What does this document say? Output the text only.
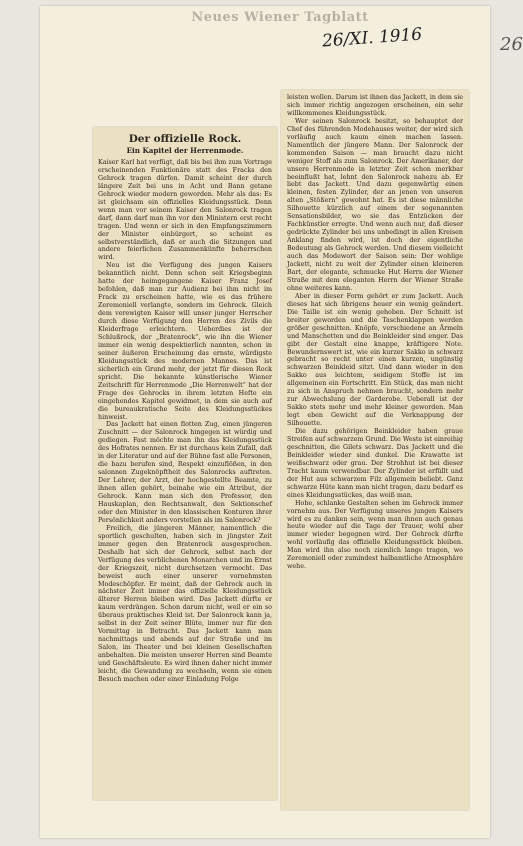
Neues Wiener Tagblatt
26/XI. 1916	26
Der offizielle Rock.
Ein Kapitel der Herrenmode.

Kaiser Karl hat verfügt, daß bis bei ihm zum Vortrage erscheinenden Funktionäre statt des Fracks den Gehrock tragen dürfen. Damit scheint der durch längere Zeit bei uns in Acht und Bann getane Gehrock wieder modern geworden. Mehr als das: Es ist gleichsam ein offizielles Kleidungsstück. Denn wenn man vor seinem Kaiser den Salonrock tragen darf, dann darf man ihn vor den Ministern erst recht tragen. Und wenn er sich in den Empfangszimmern der Minister einbürgert, so scheint es selbstverständlich, daß er auch die Sitzungen und andere feierlichen Zusammenkünfte beherrschen wird.

Neu ist die Verfügung des jungen Kaisers bekanntlich nicht. Denn schon seit Kriegsbeginn hatte der heimgegangene Kaiser Franz Josef befohlen, daß man zur Audienz bei ihm nicht im Frack zu erscheinen hatte, wie es das frühere Zeremoniell verlangte, sondern im Gehrock. Gleich dem verewigten Kaiser will unser junger Herrscher durch diese Verfügung den Herren des Zivils die Kleiderfrage erleichtern. Ueberdies ist der Schlußrock, der „Bratenrock“, wie ihn die Wiener immer ein wenig despektierlich nannten, schon in seiner äußeren Erscheinung das ernste, würdigste Kleidungsstück des modernen Mannes. Das ist sicherlich ein Grund mehr, der jetzt für diesen Rock spricht. Die bekannte künstlerische Wiener Zeitschrift für Herrenmode „Die Herrenwelt“ hat der Frage des Gehrocks in ihrem letzten Hefte ein eingehendes Kapitel gewidmet, in dem sie auch auf die bureaukratische Seite des Kleidungsstückes hinweist.

Das Jackett hat einen flotten Zug, einen jüngeren Zuschnitt — der Salonrock hingegen ist würdig und gediegen. Fast möchte man ihn das Kleidungsstück des Hofrates nennen. Er ist durchaus kein Zufall, daß in der Literatur und auf der Bühne fast alle Personen, die bazu berufen sind, Respekt einzuflößen, in den salonnen Zugeknöpftheit des Salonrocks auftreten. Der Lehrer, der Arzt, der hochgestellte Beamte, zu ihnen allen gehört, beinahe wie ein Attribut, der Gehrock. Kann man sich den Professor, den Hauskaplan, den Rechtsanwalt, den Sektionschef oder den Minister in den klassischen Konturen ihrer Persönlichkeit anders vorstellen als im Salonrock?

Freilich, die jüngeren Männer, namentlich die sportlich geschulten, haben sich in jüngster Zeit immer gegen den Bratenrock ausgesprochen. Deshalb hat sich der Gehrock, selbst nach der Verfügung des verblichenen Monarchen und im Ernst der Kriegszeit, nicht durchsetzen vermocht. Das beweist auch einer unserer vornehmsten Modeschöpfer. Er meint, daß der Gehrock auch in nächster Zeit immer das offizielle Kleidungsstück älterer Herren bleiben wird. Das Jackett dürfte er kaum verdrängen. Schon darum nicht, weil er ein so überaus praktisches Kleid ist. Der Salonrock kann ja, selbst in der Zeit seiner Blüte, immer nur für den Vormittag in Betracht. Das Jackett kann man nachmittags und abends auf der Straße und im Salon, im Theater und bei kleinen Gesellschaften anbehalten. Die meisten unserer Herren sind Beamte und Geschäftsleute. Es wird ihnen daher nicht immer leicht, die Gewandung zu wechseln, wenn sie einen Besuch machen oder einer Einladung Folge

leisten wollen. Darum ist ihnen das Jackett, in dem sie sich immer richtig angezogen erscheinen, ein sehr willkommenes Kleidungsstück.

Wer seinen Salonrock besitzt, so behauptet der Chef des führenden Modehauses weiter, der wird sich vorläufig auch kaum einen machen lassen. Namentlich der jüngere Mann. Der Salonrock der kommenden Saison — man braucht dazu nicht weniger Stoff als zum Salonrock. Der Amerikaner, der unsere Herrenmode in letzter Zeit schon merkbar beeinflußt hat, lehnt den Salonrock nahezu ab. Er liebt das Jackett. Und dazu gegenwärtig einen kleinen, festen Zylinder, der an jenen von unseren alten „Stößern“ gewohnt hat. Es ist diese männliche Silhouette kürzlich auf einem der sogenannten Sensationsbilder, wo sie das Entzücken der Fachkünstler erregte. Und wenn auch nur, daß dieser gedrückte Zylinder bei uns unbedingt in allen Kreisen Anklang finden wird, ist doch der eigentliche Bedeutung als Gehrock werden. Und diesem vielleicht auch das Modewort der Saison sein: Der wohlige Jackett, nicht zu weit der Zylinder einen kleineren Bart, der elegante, schmucke Hut Herrn der Wiener Straße mit dem eleganten Herrn der Wiener Straße ohne weiteres kann.

Aber in dieser Form gehört er zum Jackett. Auch dieses hat sich übrigens heuer ein wenig geändert. Die Taille ist ein wenig gehoben. Der Schnitt ist breiter geworden und die Taschenklappen werden größer geschnitten. Knöpfe, verschiedene an Ärmeln und Manschetten und die Beinkleider sind enger. Das gibt der Gestalt eine knappe, kräftigere Note. Bewundernswert ist, wie ein kurzer Sakko in schwarz gebracht so recht unter einen kurzen, ungünstig schwarzen Beinkleid sitzt. Und dann wieder in den Sakko aus leichtem, seidigem Stoffe ist im allgemeinen ein Fortschritt. Ein Stück, das man nicht zu sich in Anspruch nehmen braucht, sondern mehr zur Abwechslung der Garderobe. Ueberall ist der Sakko stets mehr und mehr kleiner geworden. Man legt eben Gewicht auf die Verknappung der Silhouette.

Die dazu gehörigen Beinkleider haben graue Streifen auf schwarzem Grund. Die Weste ist einreihig geschnitten, die Gilets schwarz. Das Jackett und die Beinkleider wieder sind dunkel. Die Krawatte ist weißschwarz oder grau. Der Strohhut ist bei dieser Tracht kaum verwendbar. Der Zylinder ist erfüllt und der Hut aus schwarzem Filz allgemein beliebt. Ganz schwarze Hüte kann man nicht tragen, dazu bedarf es eines Kleidungsstückes, das weiß man.

Hohe, schlanke Gestalten sehen im Gehrock immer vornehm aus. Der Verfügung unseres jungen Kaisers wird es zu danken sein, wenn man ihnen auch genau heute wieder auf die Tage der Trauer, wohl aber immer wieder begegnen wird. Der Gehrock dürfte wohl vorläufig das offizielle Kleidungsstück bleiben. Man wird ihn also noch ziemlich lange tragen, wo Zeremoniell oder zumindest halbamtliche Atmosphäre wehe.
